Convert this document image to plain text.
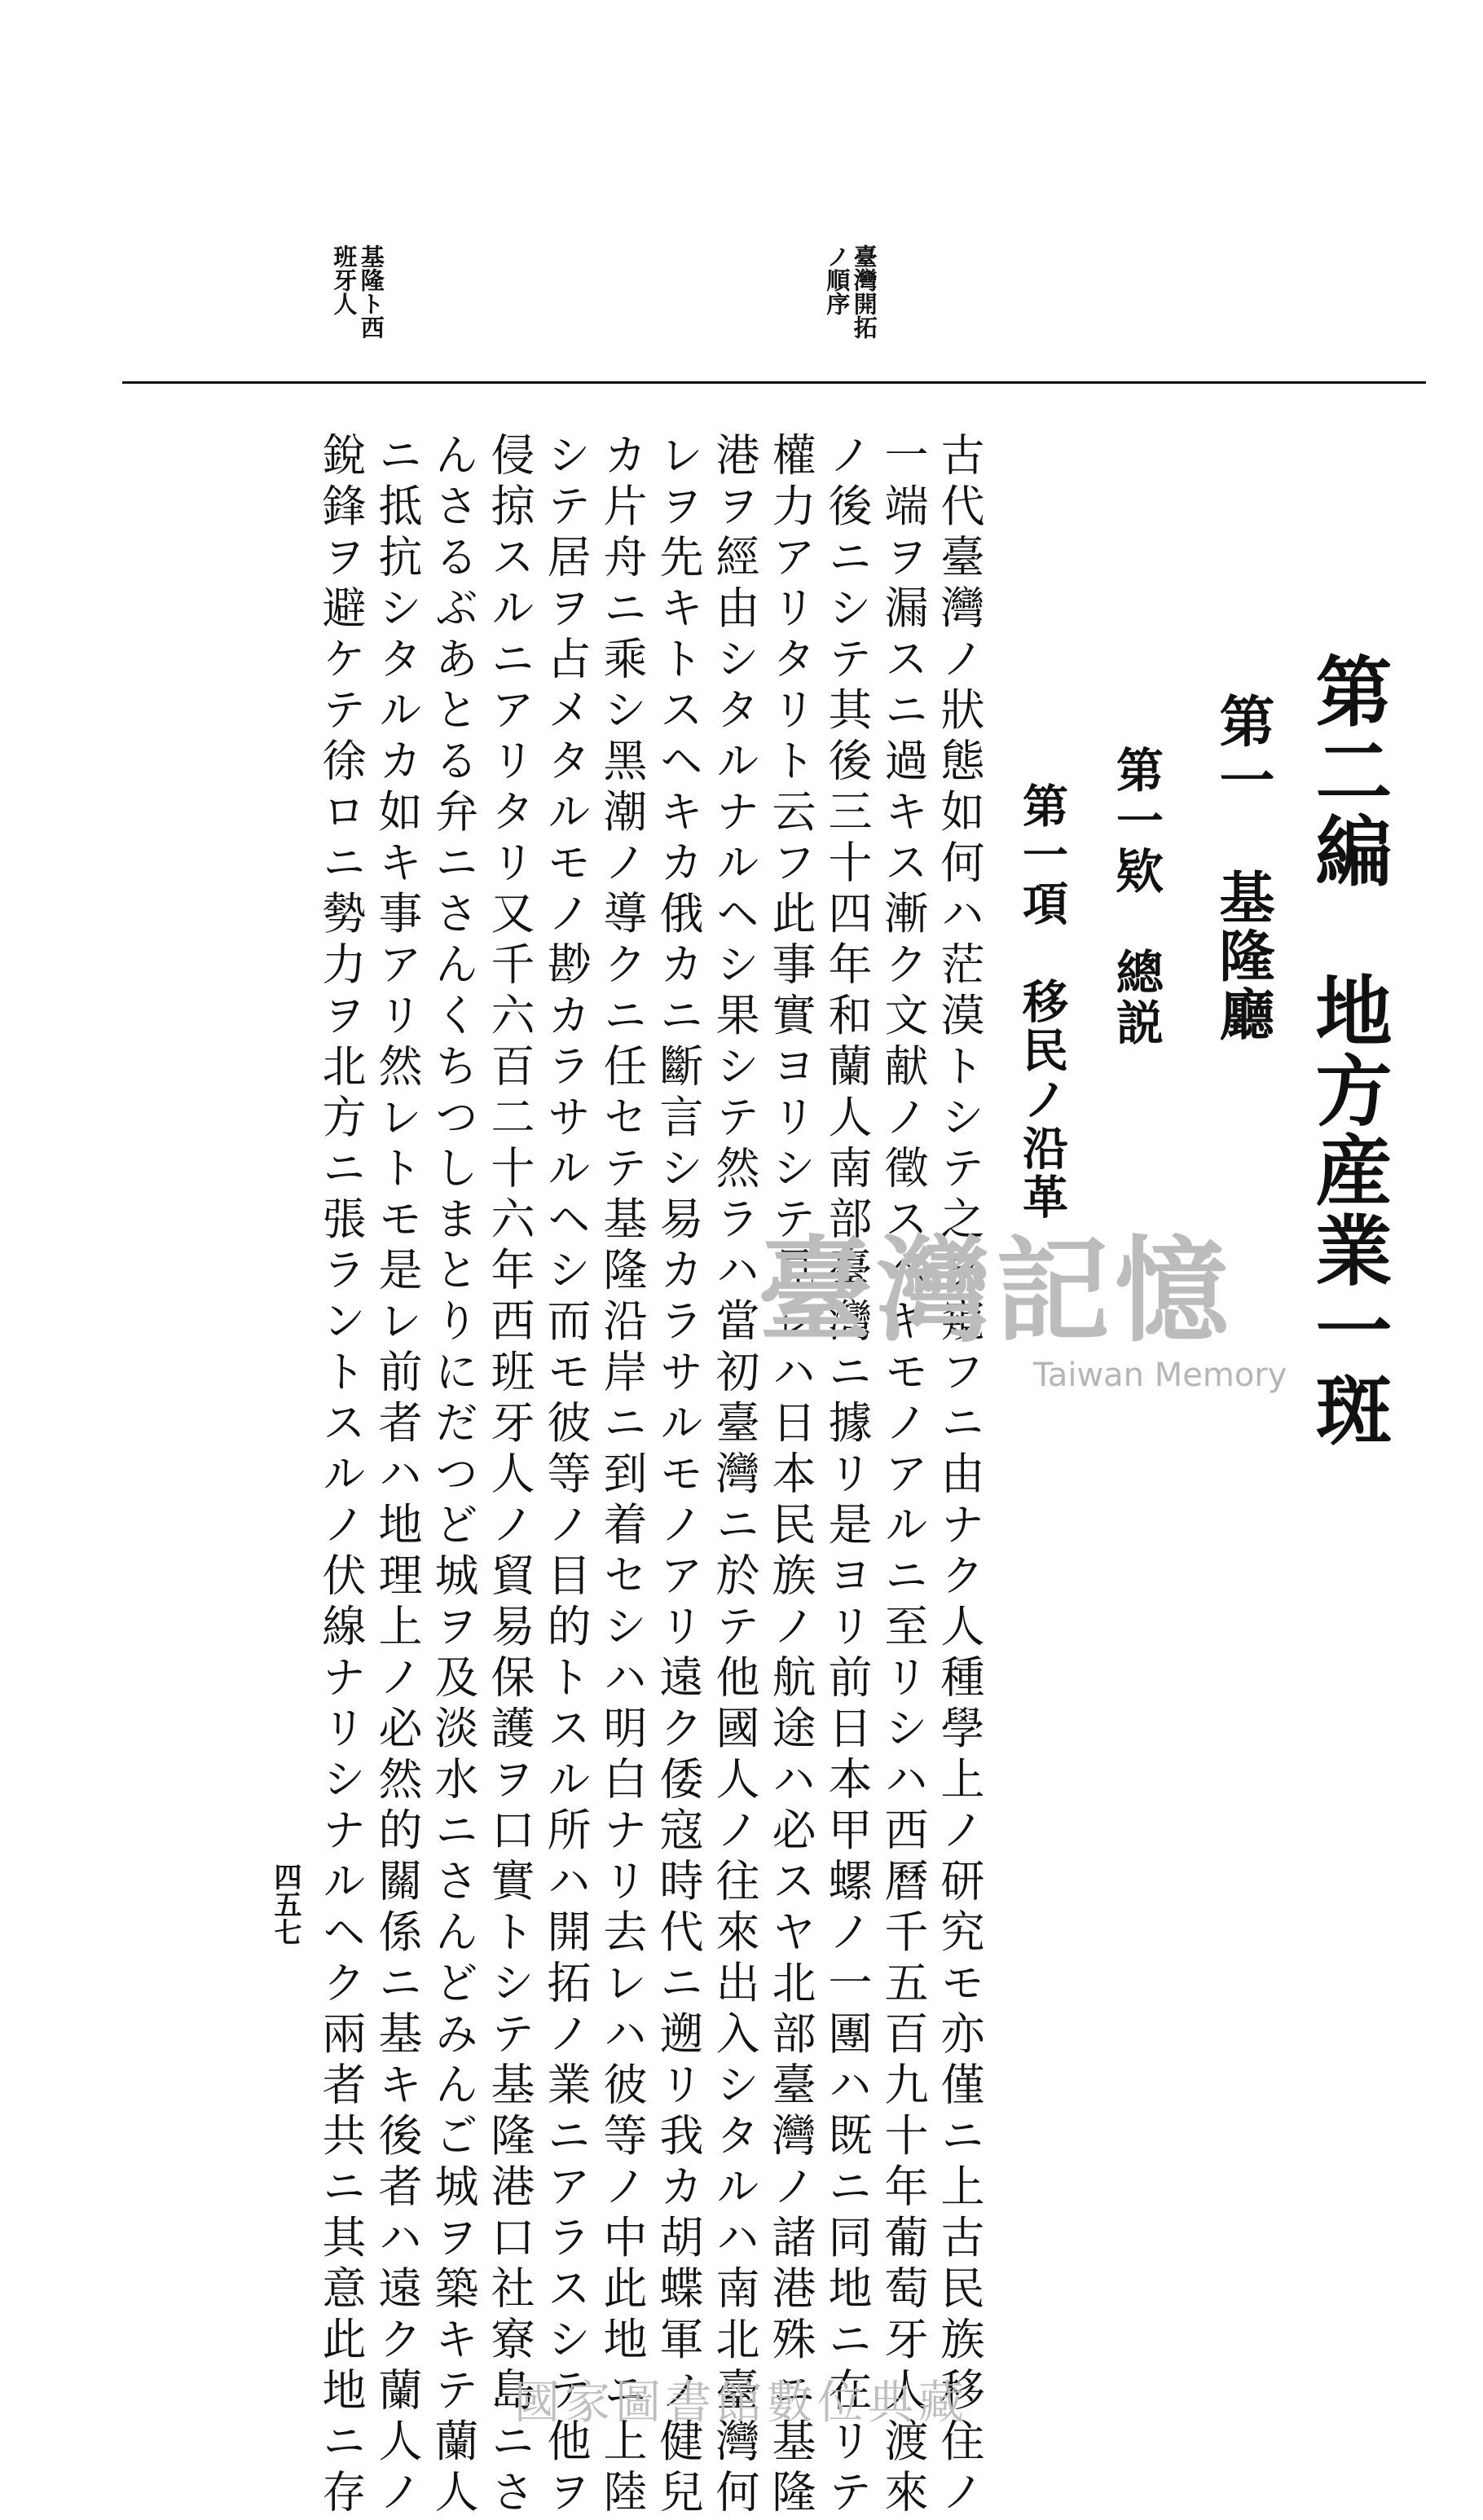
臺灣開拓
ノ順序
基隆ト西
班牙人
第二編　地方産業一斑
第一　基隆廳
第一欵　總説
第一項　移民ノ沿革
古代臺灣ノ狀態如何ハ茫漠トシテ之ヲ窺フニ由ナク人種學上ノ研究モ亦僅ニ上古民族移住ノ
一端ヲ漏スニ過キス漸ク文献ノ徵スヘキモノアルニ至リシハ西曆千五百九十年葡萄牙人渡來
ノ後ニシテ其後三十四年和蘭人南部臺灣ニ據リ是ヨリ前日本甲螺ノ一團ハ既ニ同地ニ在リテ
權力アリタリト云フ此事實ヨリシテ見レハ日本民族ノ航途ハ必スヤ北部臺灣ノ諸港殊ニ基隆
港ヲ經由シタルナルヘシ果シテ然ラハ當初臺灣ニ於テ他國人ノ往來出入シタルハ南北臺灣何
レヲ先キトスヘキカ俄カニ斷言シ易カラサルモノアリ遠ク倭寇時代ニ遡リ我カ胡蝶軍ノ健兒
カ片舟ニ乘シ黑潮ノ導クニ任セテ基隆沿岸ニ到着セシハ明白ナリ去レハ彼等ノ中此地ニ上陸
シテ居ヲ占メタルモノ尠カラサルヘシ而モ彼等ノ目的トスル所ハ開拓ノ業ニアラスシテ他ヲ
侵掠スルニアリタリ又千六百二十六年西班牙人ノ貿易保護ヲ口實トシテ基隆港口社寮島ニさ
んさるぶあとる弁ニさんくちつしまとりにだつど城ヲ及淡水ニさんどみんご城ヲ築キテ蘭人
ニ抵抗シタルカ如キ事アリ然レトモ是レ前者ハ地理上ノ必然的關係ニ基キ後者ハ遠ク蘭人ノ
銳鋒ヲ避ケテ徐ロニ勢力ヲ北方ニ張ラントスルノ伏線ナリシナルヘク兩者共ニ其意此地ニ存
四五七
臺灣記憶
Taiwan Memory
國家圖書館數位典藏
